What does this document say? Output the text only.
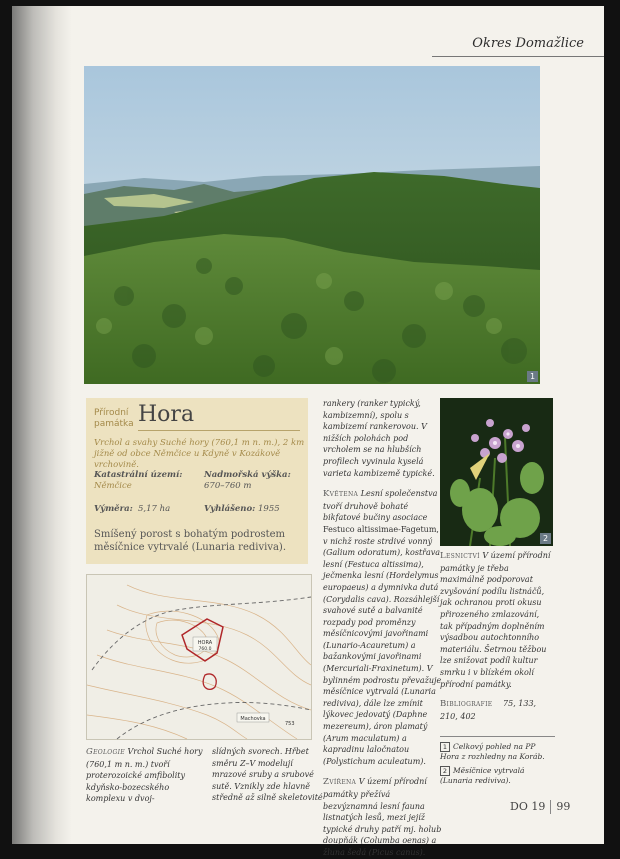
Okres Domažlice
1
Přírodní
památka Hora
Vrchol a svahy Suché hory (760,1 m n. m.), 2 km jižně od obce Němčice u Kdyně v Kozákově vrchovině.
Katastrální území:
Němčice
Nadmořská výška:
670–760 m
Výměra: 5,17 ha	Vyhlášeno: 1955
Smíšený porost s bohatým podrostem měsíčnice vytrvalé (Lunaria rediviva).
HORA
760.0
Machovka
753

Geologie Vrchol Suché hory (760,1 m n. m.) tvoří proterozoické amfibolity kdyňsko-bozecského komplexu v dvoj-

slídných svorech. Hřbet směru Z–V modelují mrazové sruby a srubové sutě. Vznikly zde hlavně středně až silně skeletovité

rankery (ranker typický, kambizemní), spolu s kambizemí rankerovou. V nižších polohách pod vrcholem se na hlubších profilech vyvinula kyselá varieta kambizemě typické.

Květena Lesní společenstva tvoří druhově bohaté bikfatové bučiny asociace Festuco altissimae-Fagetum, v nichž roste strdivé vonný (Galium odoratum), kostřava lesní (Festuca altissima), ječmenka lesní (Hordelymus europaeus) a dymnivka dutá (Corydalis cava). Rozsáhlejší svahové sutě a balvanité rozpady pod proměnzy měsíčnicovými javořinami (Lunario-Acauretum) a bažankovými javořinami (Mercuriali-Fraxinetum). V bylinném podrostu převažuje měsíčnice vytrvalá (Lunaria rediviva), dále lze zmínit lýkovec jedovatý (Daphne mezereum), áron plamatý (Arum maculatum) a kapradinu laločnatou (Polystichum aculeatum).

Zvířena V území přírodní památky přežívá bezvýznamná lesní fauna listnatých lesů, mezi jejíž typické druhy patří mj. holub doupňák (Columba oenas) a žluna šedá (Picus canus).

2

Lesnictví V území přírodní památky je třeba maximálně podporovat zvyšování podílu listnáčů, jak ochranou proti okusu přirozeného zmlazování, tak případným doplněním výsadbou autochtonního materiálu. Šetrnou těžbou lze snižovat podíl kultur smrku i v blízkém okolí přírodní památky.

Bibliografie 75, 133, 210, 402

1 Celkový pohled na PP Hora z rozhledny na Koráb.
2 Měsíčnice vytrvalá (Lunaria rediviva).
DO 19 99
